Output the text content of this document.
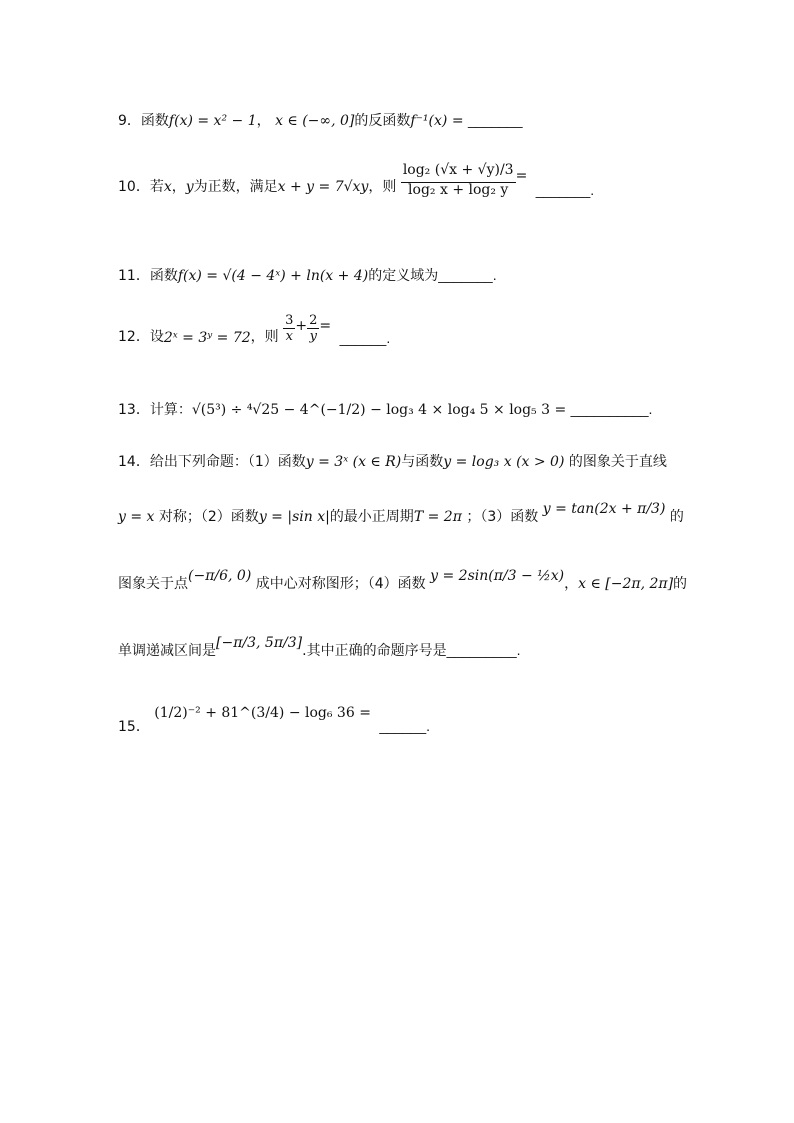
9．函数f(x) = x² − 1， x ∈ (−∞, 0]的反函数f⁻¹(x) = _______
10．若x，y为正数，满足x + y = 7√xy，则 $\frac{\text{log₂ (√x + √y)/3}}{\text{log₂ x + log₂ y}}$ = _______.
11．函数f(x) = √(4 − 4ˣ) + ln(x + 4)的定义域为_______.
12．设2ˣ = 3ʸ = 72，则 $\frac{3}{x} + \frac{2}{y}$ = ______.
13．计算：√(5³) ÷ ⁴√25 − 4^(−1/2) − log₃ 4 × log₄ 5 × log₅ 3 = __________.
14．给出下列命题：（1）函数y = 3ˣ (x ∈ R)与函数y = log₃ x (x > 0) 的图象关于直线
y = x 对称；（2）函数y = |sin x|的最小正周期T = 2π ；（3）函数 y = tan(2x + π/3) 的
图象关于点(−π/6, 0) 成中心对称图形；（4）函数 y = 2sin(π/3 − ½x)，x ∈ [−2π, 2π]的
单调递减区间是[−π/3, 5π/3].其中正确的命题序号是_________.
15． (1/2)⁻² + 81^(3/4) − log₆ 36 = ______.
